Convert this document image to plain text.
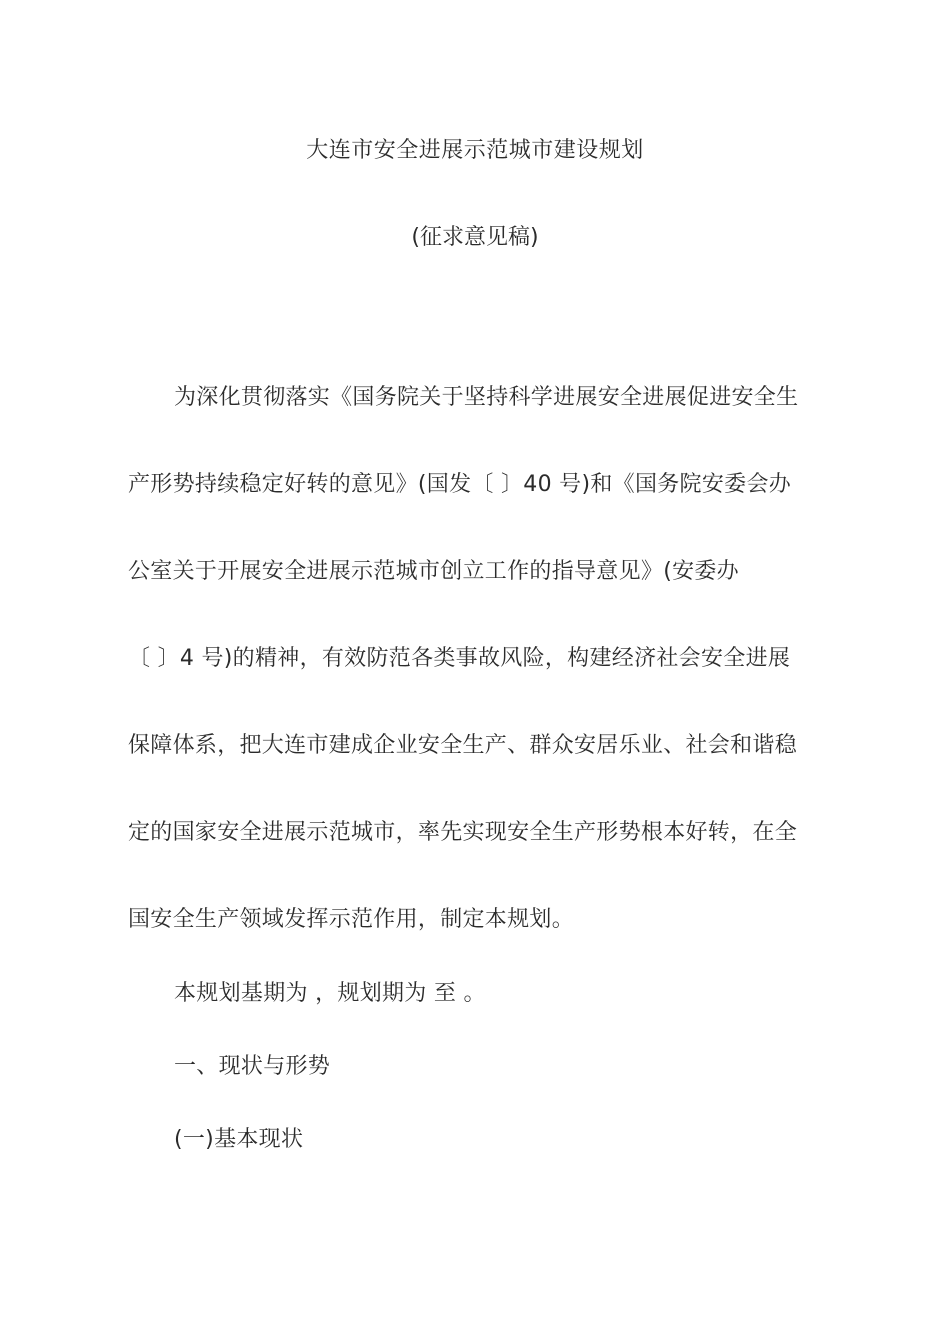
大连市安全进展示范城市建设规划
(征求意见稿)
为深化贯彻落实《国务院关于坚持科学进展安全进展促进安全生
产形势持续稳定好转的意见》(国发〔 〕40 号)和《国务院安委会办
公室关于开展安全进展示范城市创立工作的指导意见》(安委办
〔 〕4 号)的精神，有效防范各类事故风险，构建经济社会安全进展
保障体系，把大连市建成企业安全生产、群众安居乐业、社会和谐稳
定的国家安全进展示范城市，率先实现安全生产形势根本好转，在全
国安全生产领域发挥示范作用，制定本规划。
本规划基期为 ，规划期为 至 。
一、现状与形势
(一)基本现状
